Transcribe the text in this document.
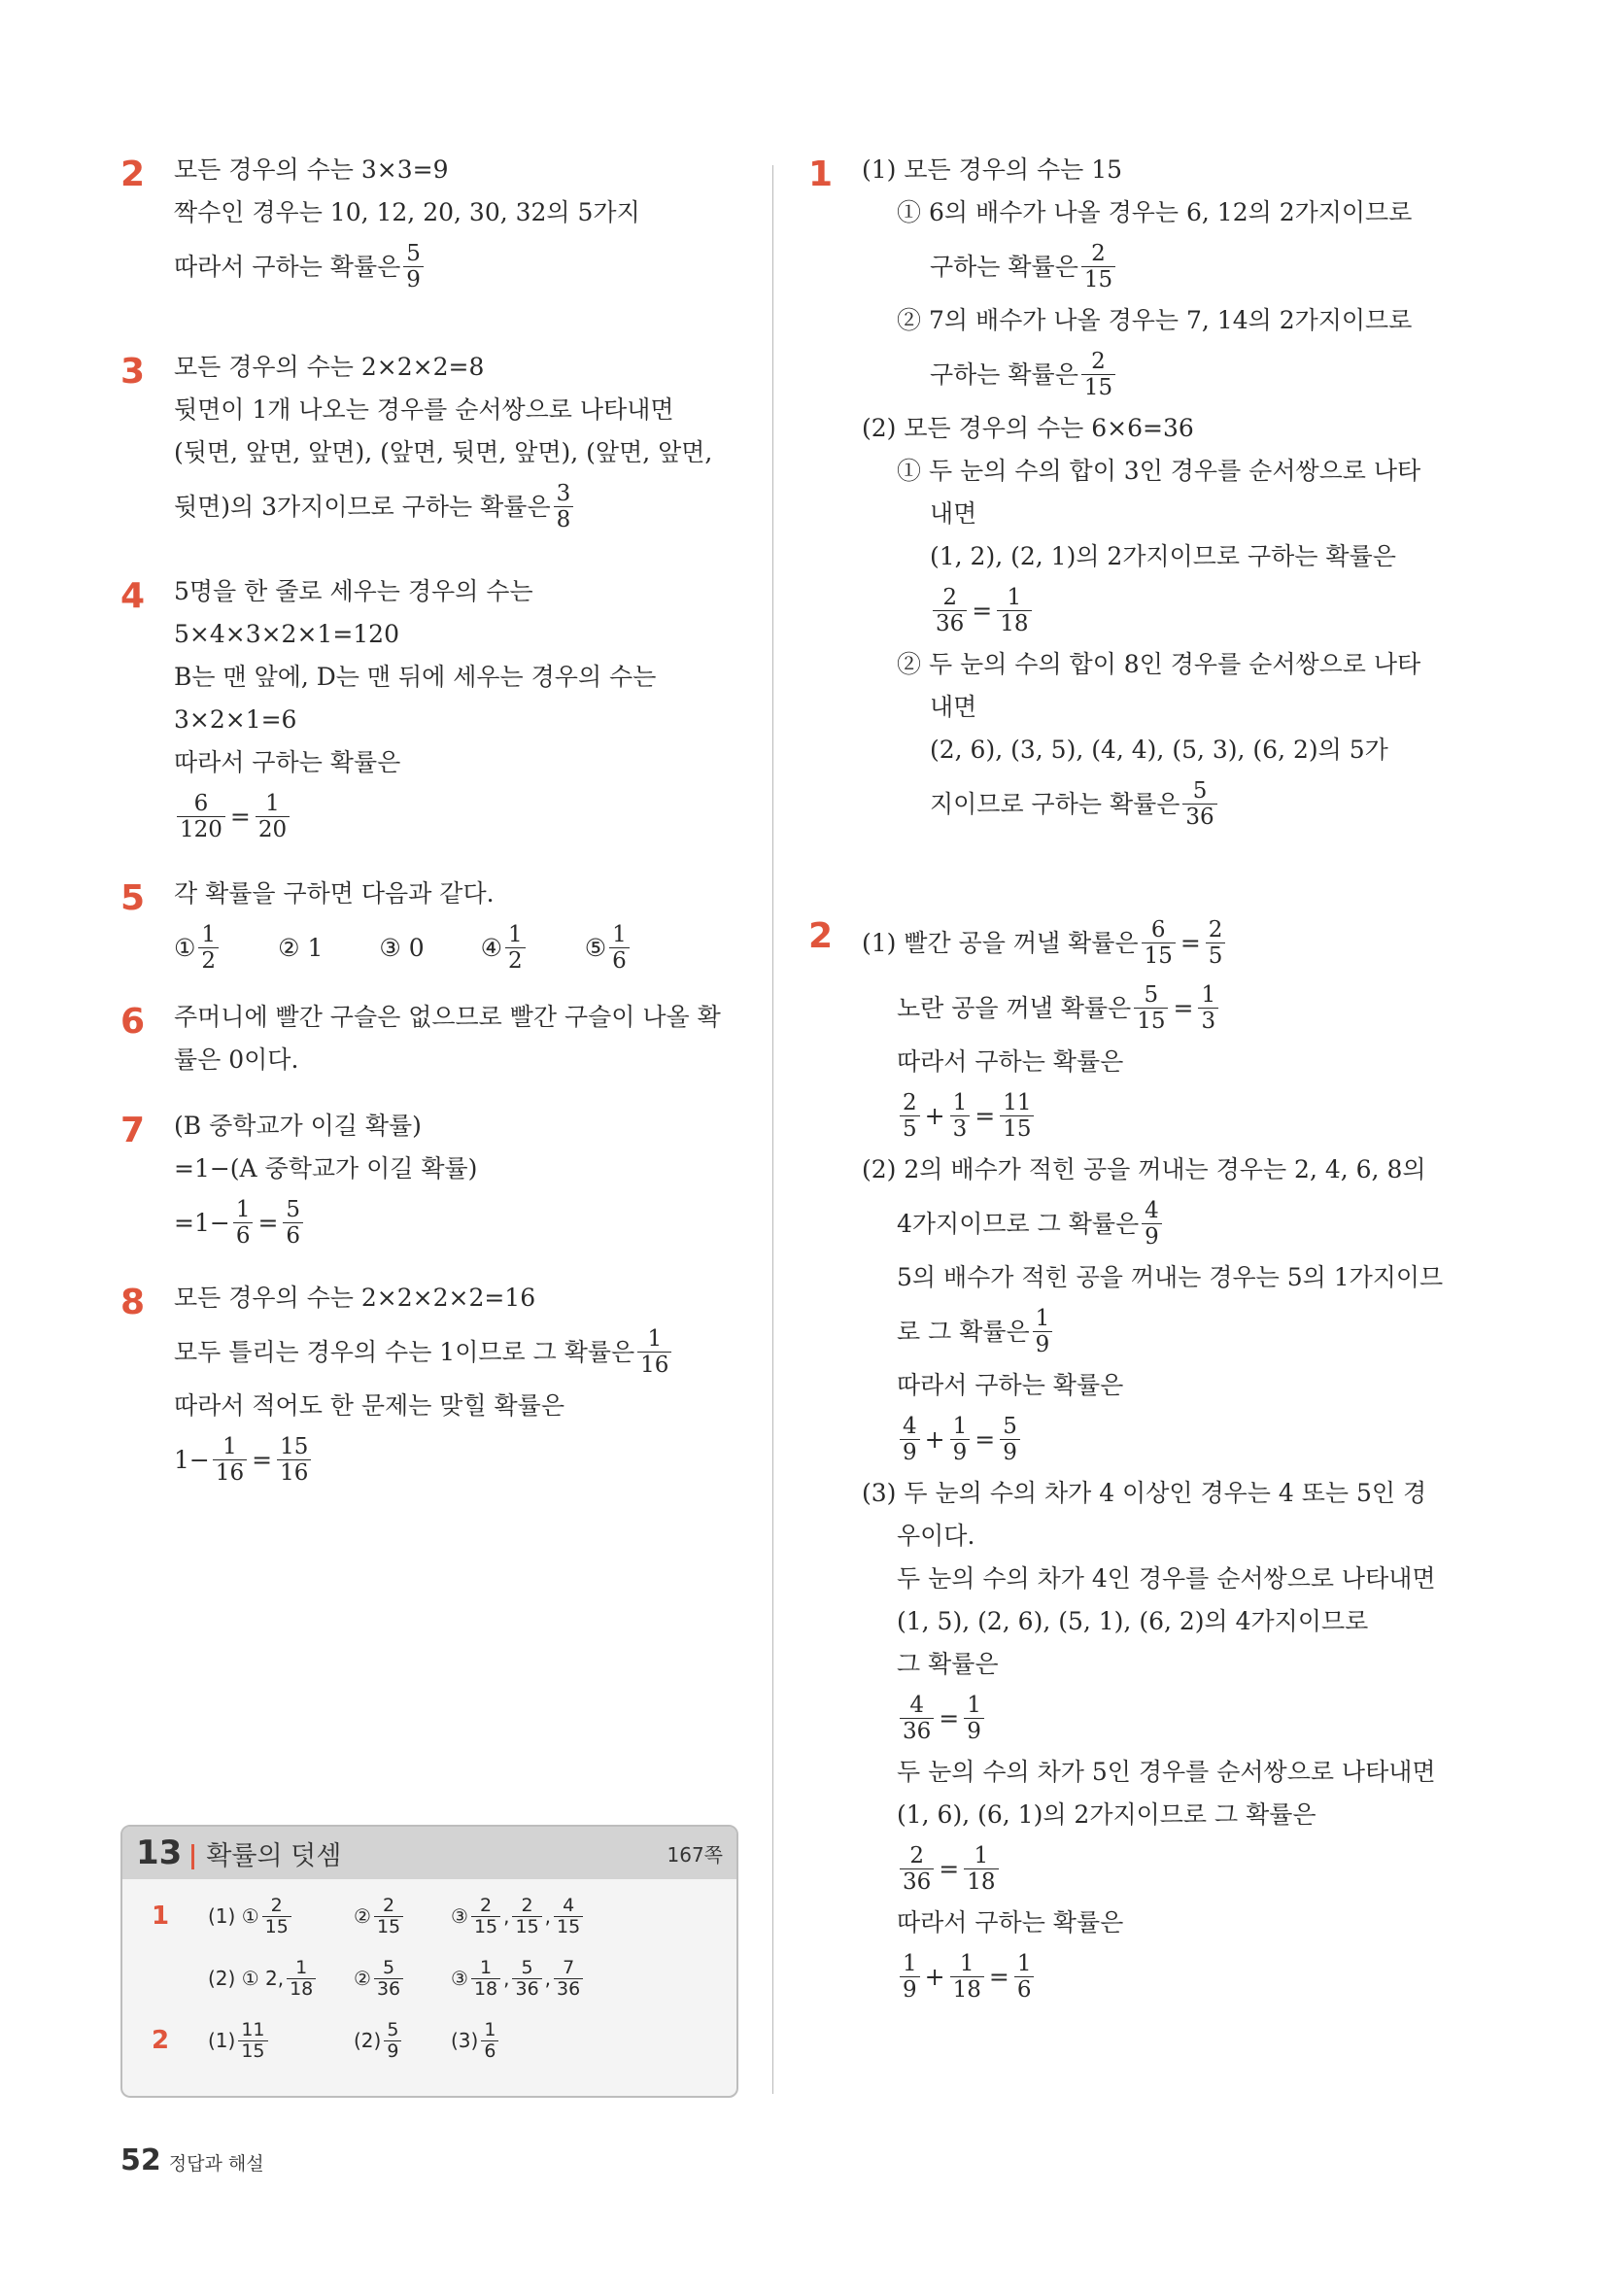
2 모든 경우의 수는 3×3=9
짝수인 경우는 10, 12, 20, 30, 32의 5가지
따라서 구하는 확률은 $\frac{5}{9}$
3 모든 경우의 수는 2×2×2=8
뒷면이 1개 나오는 경우를 순서쌍으로 나타내면
(뒷면, 앞면, 앞면), (앞면, 뒷면, 앞면), (앞면, 앞면,
뒷면)의 3가지이므로 구하는 확률은 $\frac{3}{8}$
4 5명을 한 줄로 세우는 경우의 수는
5×4×3×2×1=120
B는 맨 앞에, D는 맨 뒤에 세우는 경우의 수는
3×2×1=6
따라서 구하는 확률은
$\frac{6}{120} = \frac{1}{20}$
5 각 확률을 구하면 다음과 같다.
① $\frac{1}{2}$ ②
1 ③
0 ④ $\frac{1}{2}$ ⑤ $\frac{1}{6}$
6 주머니에 빨간 구슬은 없으므로 빨간 구슬이 나올 확
률은 0이다.
7 (B 중학교가 이길 확률)
=1−(A 중학교가 이길 확률)
$=1- \frac{1}{6} = \frac{5}{6}$
8 모든 경우의 수는 2×2×2×2=16
모두 틀리는 경우의 수는 1이므로 그 확률은 $\frac{1}{16}$
따라서 적어도 한 문제는 맞힐 확률은
$1- \frac{1}{16} = \frac{15}{16}$
13 확률의 덧셈	167쪽
1 (1) ① $\frac{2}{15}$	② $\frac{2}{15}$ ③ $\frac{2}{15}$ , $\frac{2}{15}$ , $\frac{4}{15}$
(2) ① 2, $\frac{1}{18}$ ② $\frac{5}{36}$ ③ $\frac{1}{18}$ , $\frac{5}{36}$ , $\frac{7}{36}$
2 $(1) \frac{11}{15}$	$(2) \frac{5}{9}$	$(3) \frac{1}{6}$
1 (1) 모든 경우의 수는 15
① 6의 배수가 나올 경우는 6, 12의 2가지이므로
구하는 확률은 $\frac{2}{15}$
② 7의 배수가 나올 경우는 7, 14의 2가지이므로
구하는 확률은 $\frac{2}{15}$
(2) 모든 경우의 수는 6×6=36
① 두 눈의 수의 합이 3인 경우를 순서쌍으로 나타
내면
(1, 2), (2, 1)의 2가지이므로 구하는 확률은
$\frac{2}{36} = \frac{1}{18}$
② 두 눈의 수의 합이 8인 경우를 순서쌍으로 나타
내면
(2, 6), (3, 5), (4, 4), (5, 3), (6, 2)의 5가
지이므로 구하는 확률은 $\frac{5}{36}$
2 (1) 빨간 공을 꺼낼 확률은 $\frac{6}{15} = \frac{2}{5}$
노란 공을 꺼낼 확률은 $\frac{5}{15} = \frac{1}{3}$
따라서 구하는 확률은
$\frac{2}{5} + \frac{1}{3} = \frac{11}{15}$
(2) 2의 배수가 적힌 공을 꺼내는 경우는 2, 4, 6, 8의
4가지이므로 그 확률은 $\frac{4}{9}$
5의 배수가 적힌 공을 꺼내는 경우는 5의 1가지이므
로 그 확률은 $\frac{1}{9}$
따라서 구하는 확률은
$\frac{4}{9} + \frac{1}{9} = \frac{5}{9}$
(3) 두 눈의 수의 차가 4 이상인 경우는 4 또는 5인 경
우이다.
두 눈의 수의 차가 4인 경우를 순서쌍으로 나타내면
(1, 5), (2, 6), (5, 1), (6, 2)의 4가지이므로
그 확률은
$\frac{4}{36} = \frac{1}{9}$
두 눈의 수의 차가 5인 경우를 순서쌍으로 나타내면
(1, 6), (6, 1)의 2가지이므로 그 확률은
$\frac{2}{36} = \frac{1}{18}$
따라서 구하는 확률은
$\frac{1}{9} + \frac{1}{18} = \frac{1}{6}$
52 정답과 해설
